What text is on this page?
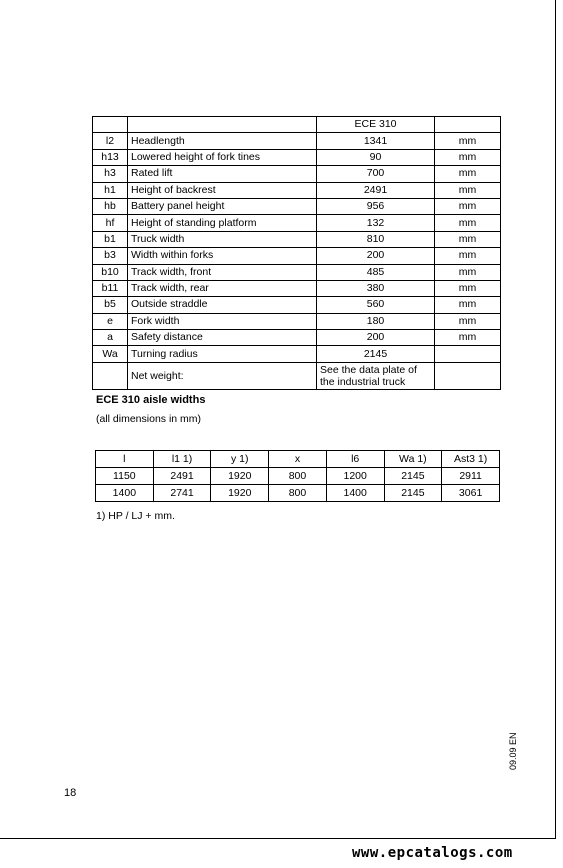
		ECE 310	
l2	Headlength	1341	mm
h13	Lowered height of fork tines	90	mm
h3	Rated lift	700	mm
h1	Height of backrest	2491	mm
hb	Battery panel height	956	mm
hf	Height of standing platform	132	mm
b1	Truck width	810	mm
b3	Width within forks	200	mm
b10	Track width, front	485	mm
b11	Track width, rear	380	mm
b5	Outside straddle	560	mm
e	Fork width	180	mm
a	Safety distance	200	mm
Wa	Turning radius	2145	
	Net weight:	See the data plate of
the industrial truck	

ECE 310 aisle widths
(all dimensions in mm)
l	l1 1)	y 1)	x	l6	Wa 1)	Ast3 1)
1150	2491	1920	800	1200	2145	2911
1400	2741	1920	800	1400	2145	3061
1) HP / LJ + mm.
09.09 EN
18
www.epcatalogs.com
